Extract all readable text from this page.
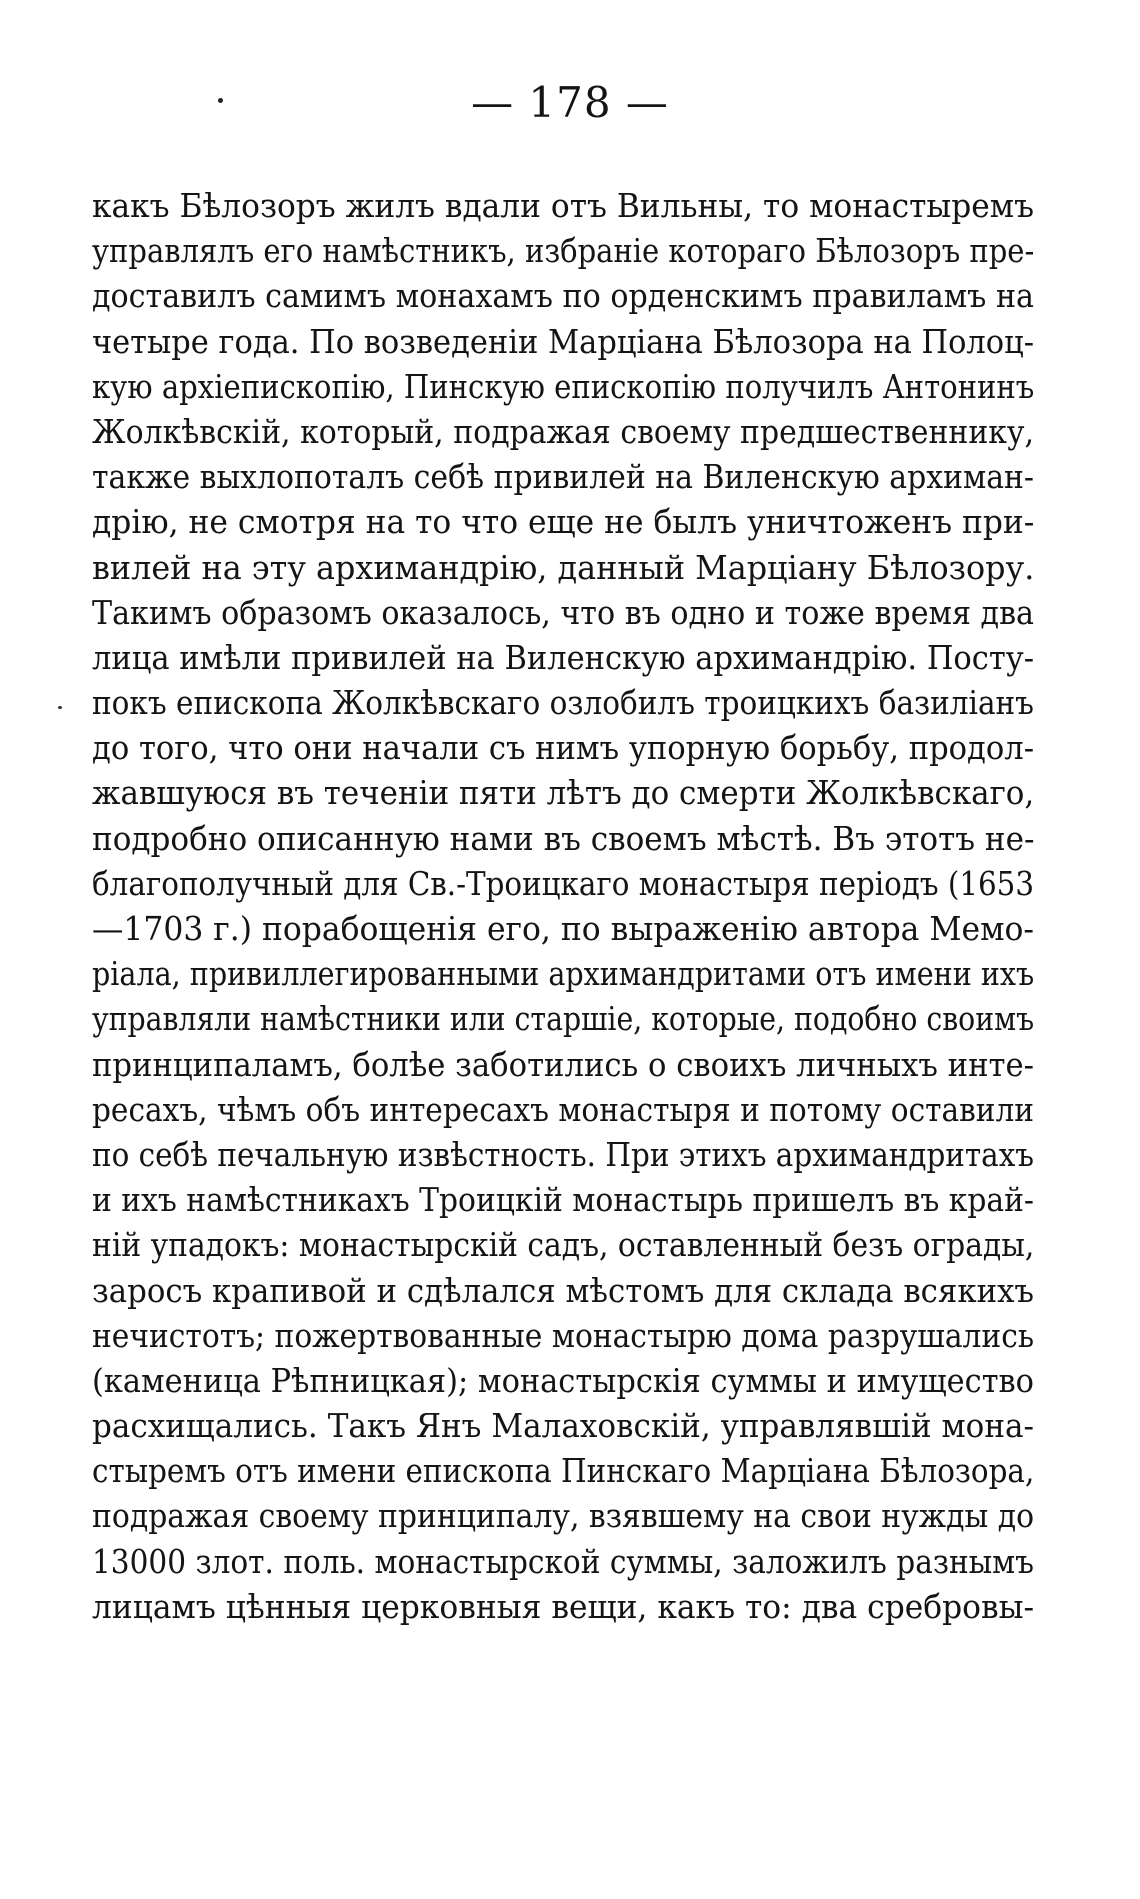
— 178 —
какъ Бѣлозоръ жилъ вдали отъ Вильны, то монастыремъ
управлялъ его намѣстникъ, избраніе котораго Бѣлозоръ пре-
доставилъ самимъ монахамъ по орденскимъ правиламъ на
четыре года. По возведеніи Марціана Бѣлозора на Полоц-
кую архіепископію, Пинскую епископію получилъ Антонинъ
Жолкѣвскій, который, подражая своему предшественнику,
также выхлопоталъ себѣ привилей на Виленскую архиман-
дрію, не смотря на то что еще не былъ уничтоженъ при-
вилей на эту архимандрію, данный Марціану Бѣлозору.
Такимъ образомъ оказалось, что въ одно и тоже время два
лица имѣли привилей на Виленскую архимандрію. Посту-
покъ епископа Жолкѣвскаго озлобилъ троицкихъ базиліанъ
до того, что они начали съ нимъ упорную борьбу, продол-
жавшуюся въ теченіи пяти лѣтъ до смерти Жолкѣвскаго,
подробно описанную нами въ своемъ мѣстѣ. Въ этотъ не-
благополучный для Св.-Троицкаго монастыря періодъ (1653
—1703 г.) порабощенія его, по выраженію автора Мемо-
ріала, привиллегированными архимандритами отъ имени ихъ
управляли намѣстники или старшіе, которые, подобно своимъ
принципаламъ, болѣе заботились о своихъ личныхъ инте-
ресахъ, чѣмъ объ интересахъ монастыря и потому оставили
по себѣ печальную извѣстность. При этихъ архимандритахъ
и ихъ намѣстникахъ Троицкій монастырь пришелъ въ край-
ній упадокъ: монастырскій садъ, оставленный безъ ограды,
заросъ крапивой и сдѣлался мѣстомъ для склада всякихъ
нечистотъ; пожертвованные монастырю дома разрушались
(каменица Рѣпницкая); монастырскія суммы и имущество
расхищались. Такъ Янъ Малаховскій, управлявшій мона-
стыремъ отъ имени епископа Пинскаго Марціана Бѣлозора,
подражая своему принципалу, взявшему на свои нужды до
13000 злот. поль. монастырской суммы, заложилъ разнымъ
лицамъ цѣнныя церковныя вещи, какъ то: два сребровы-
